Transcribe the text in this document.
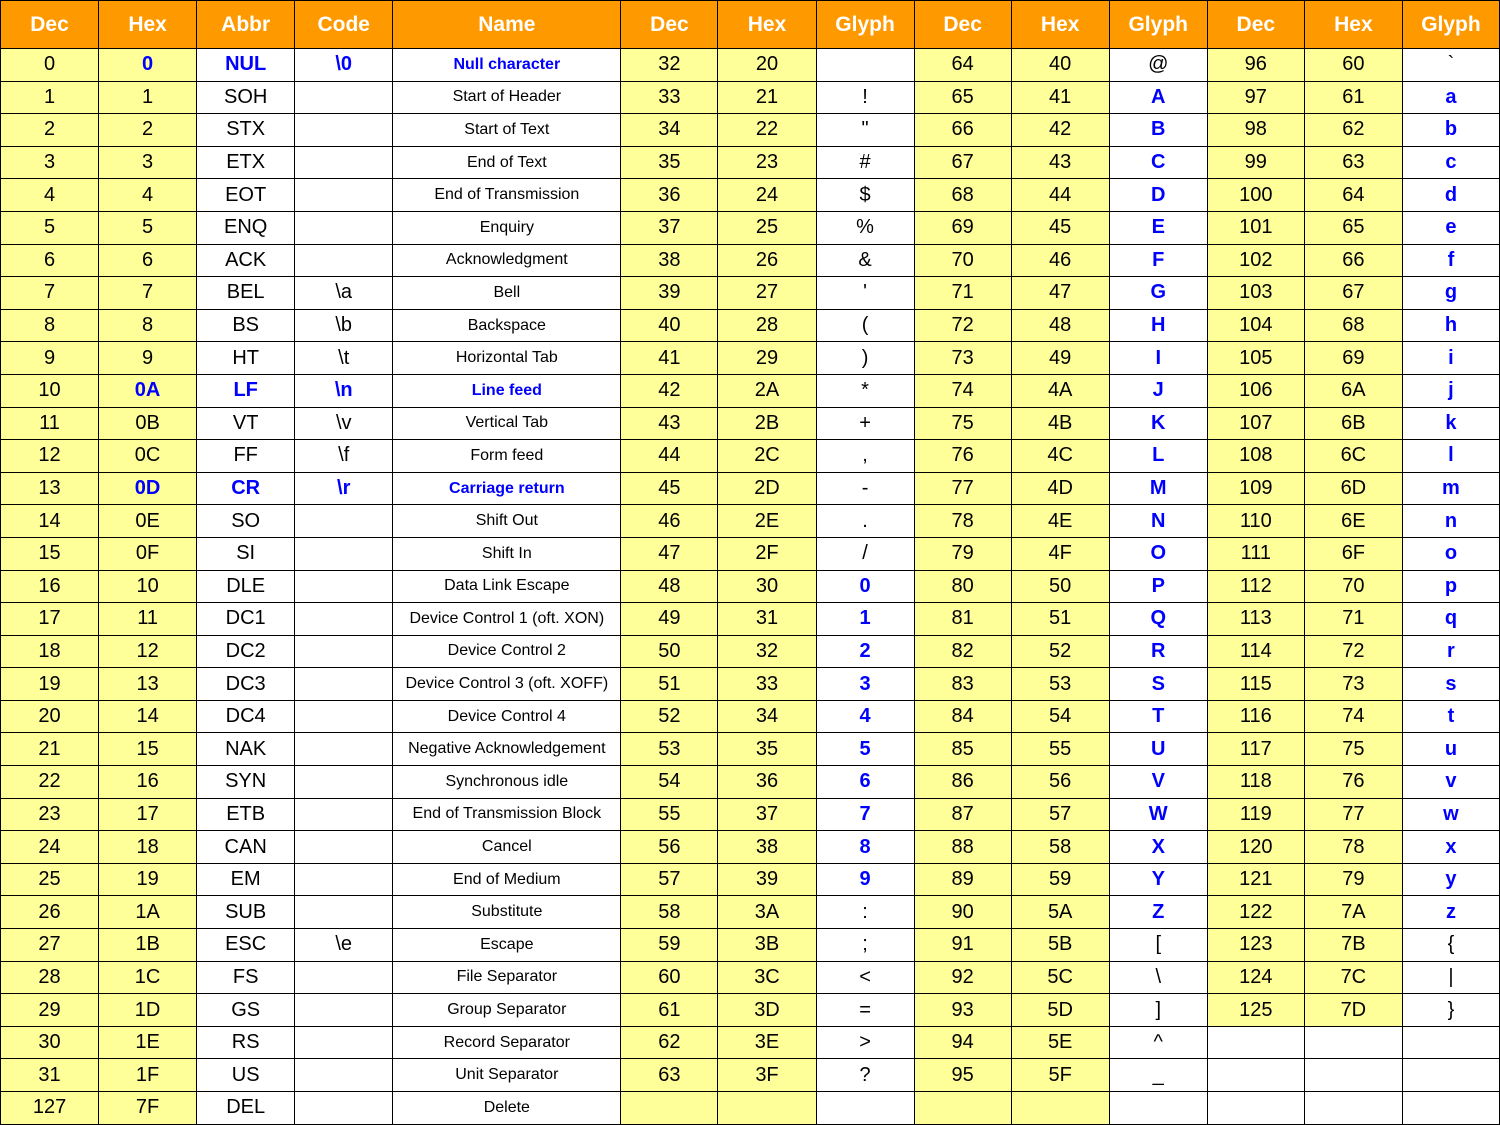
Dec	Hex	Abbr	Code	Name	Dec	Hex	Glyph	Dec	Hex	Glyph	Dec	Hex	Glyph
0	0	NUL	\0	Null character	32	20		64	40	@	96	60	`
1	1	SOH		Start of Header	33	21	!	65	41	A	97	61	a
2	2	STX		Start of Text	34	22	"	66	42	B	98	62	b
3	3	ETX		End of Text	35	23	#	67	43	C	99	63	c
4	4	EOT		End of Transmission	36	24	$	68	44	D	100	64	d
5	5	ENQ		Enquiry	37	25	%	69	45	E	101	65	e
6	6	ACK		Acknowledgment	38	26	&	70	46	F	102	66	f
7	7	BEL	\a	Bell	39	27	'	71	47	G	103	67	g
8	8	BS	\b	Backspace	40	28	(	72	48	H	104	68	h
9	9	HT	\t	Horizontal Tab	41	29	)	73	49	I	105	69	i
10	0A	LF	\n	Line feed	42	2A	*	74	4A	J	106	6A	j
11	0B	VT	\v	Vertical Tab	43	2B	+	75	4B	K	107	6B	k
12	0C	FF	\f	Form feed	44	2C	,	76	4C	L	108	6C	l
13	0D	CR	\r	Carriage return	45	2D	-	77	4D	M	109	6D	m
14	0E	SO		Shift Out	46	2E	.	78	4E	N	110	6E	n
15	0F	SI		Shift In	47	2F	/	79	4F	O	111	6F	o
16	10	DLE		Data Link Escape	48	30	0	80	50	P	112	70	p
17	11	DC1		Device Control 1 (oft. XON)	49	31	1	81	51	Q	113	71	q
18	12	DC2		Device Control 2	50	32	2	82	52	R	114	72	r
19	13	DC3		Device Control 3 (oft. XOFF)	51	33	3	83	53	S	115	73	s
20	14	DC4		Device Control 4	52	34	4	84	54	T	116	74	t
21	15	NAK		Negative Acknowledgement	53	35	5	85	55	U	117	75	u
22	16	SYN		Synchronous idle	54	36	6	86	56	V	118	76	v
23	17	ETB		End of Transmission Block	55	37	7	87	57	W	119	77	w
24	18	CAN		Cancel	56	38	8	88	58	X	120	78	x
25	19	EM		End of Medium	57	39	9	89	59	Y	121	79	y
26	1A	SUB		Substitute	58	3A	:	90	5A	Z	122	7A	z
27	1B	ESC	\e	Escape	59	3B	;	91	5B	[	123	7B	{
28	1C	FS		File Separator	60	3C	<	92	5C	\	124	7C	|
29	1D	GS		Group Separator	61	3D	=	93	5D	]	125	7D	}
30	1E	RS		Record Separator	62	3E	>	94	5E	^			
31	1F	US		Unit Separator	63	3F	?	95	5F	_			
127	7F	DEL		Delete									
